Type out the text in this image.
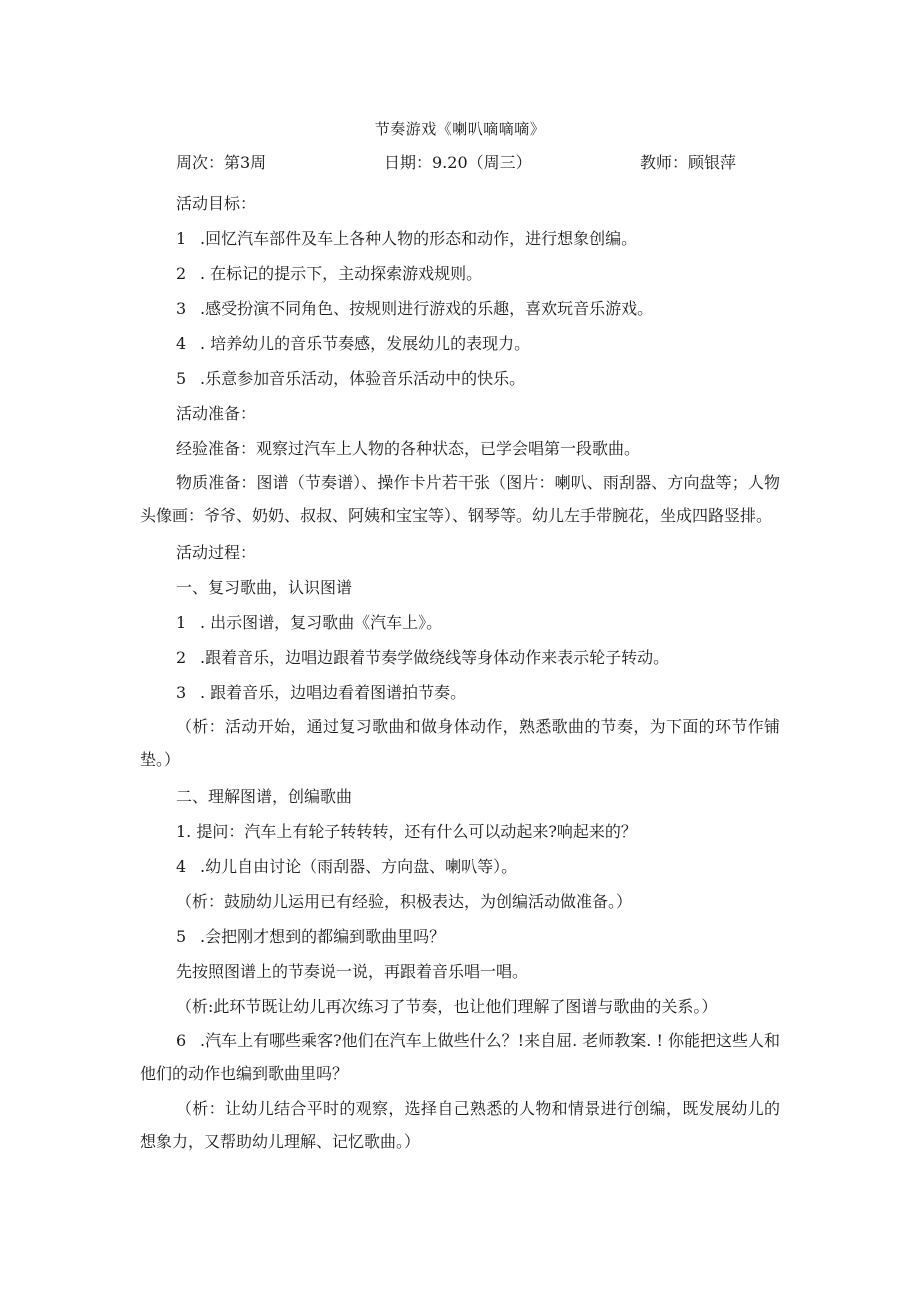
节奏游戏《喇叭嘀嘀嘀》
周次：第3周	日期：9.20（周三）	教师：顾银萍
活动目标：
1 .回忆汽车部件及车上各种人物的形态和动作，进行想象创编。
2 . 在标记的提示下，主动探索游戏规则。
3 .感受扮演不同角色、按规则进行游戏的乐趣，喜欢玩音乐游戏。
4 . 培养幼儿的音乐节奏感，发展幼儿的表现力。
5 .乐意参加音乐活动，体验音乐活动中的快乐。
活动准备：
经验准备：观察过汽车上人物的各种状态，已学会唱第一段歌曲。
物质准备：图谱（节奏谱）、操作卡片若干张（图片：喇叭、雨刮器、方向盘等；人物头像画：爷爷、奶奶、叔叔、阿姨和宝宝等）、钢琴等。幼儿左手带腕花，坐成四路竖排。
活动过程：
一、复习歌曲，认识图谱
1 . 出示图谱，复习歌曲《汽车上》。
2 .跟着音乐，边唱边跟着节奏学做绕线等身体动作来表示轮子转动。
3 . 跟着音乐，边唱边看着图谱拍节奏。
（析：活动开始，通过复习歌曲和做身体动作，熟悉歌曲的节奏，为下面的环节作铺垫。）
二、理解图谱，创编歌曲
1. 提问：汽车上有轮子转转转，还有什么可以动起来?响起来的？
4 .幼儿自由讨论（雨刮器、方向盘、喇叭等）。
（析：鼓励幼儿运用已有经验，积极表达，为创编活动做准备。）
5 .会把刚才想到的都编到歌曲里吗？
先按照图谱上的节奏说一说，再跟着音乐唱一唱。
（析:此环节既让幼儿再次练习了节奏，也让他们理解了图谱与歌曲的关系。）
6 .汽车上有哪些乘客?他们在汽车上做些什么？!来自屈. 老师教案. ! 你能把这些人和他们的动作也编到歌曲里吗？
（析：让幼儿结合平时的观察，选择自己熟悉的人物和情景进行创编，既发展幼儿的想象力，又帮助幼儿理解、记忆歌曲。）
